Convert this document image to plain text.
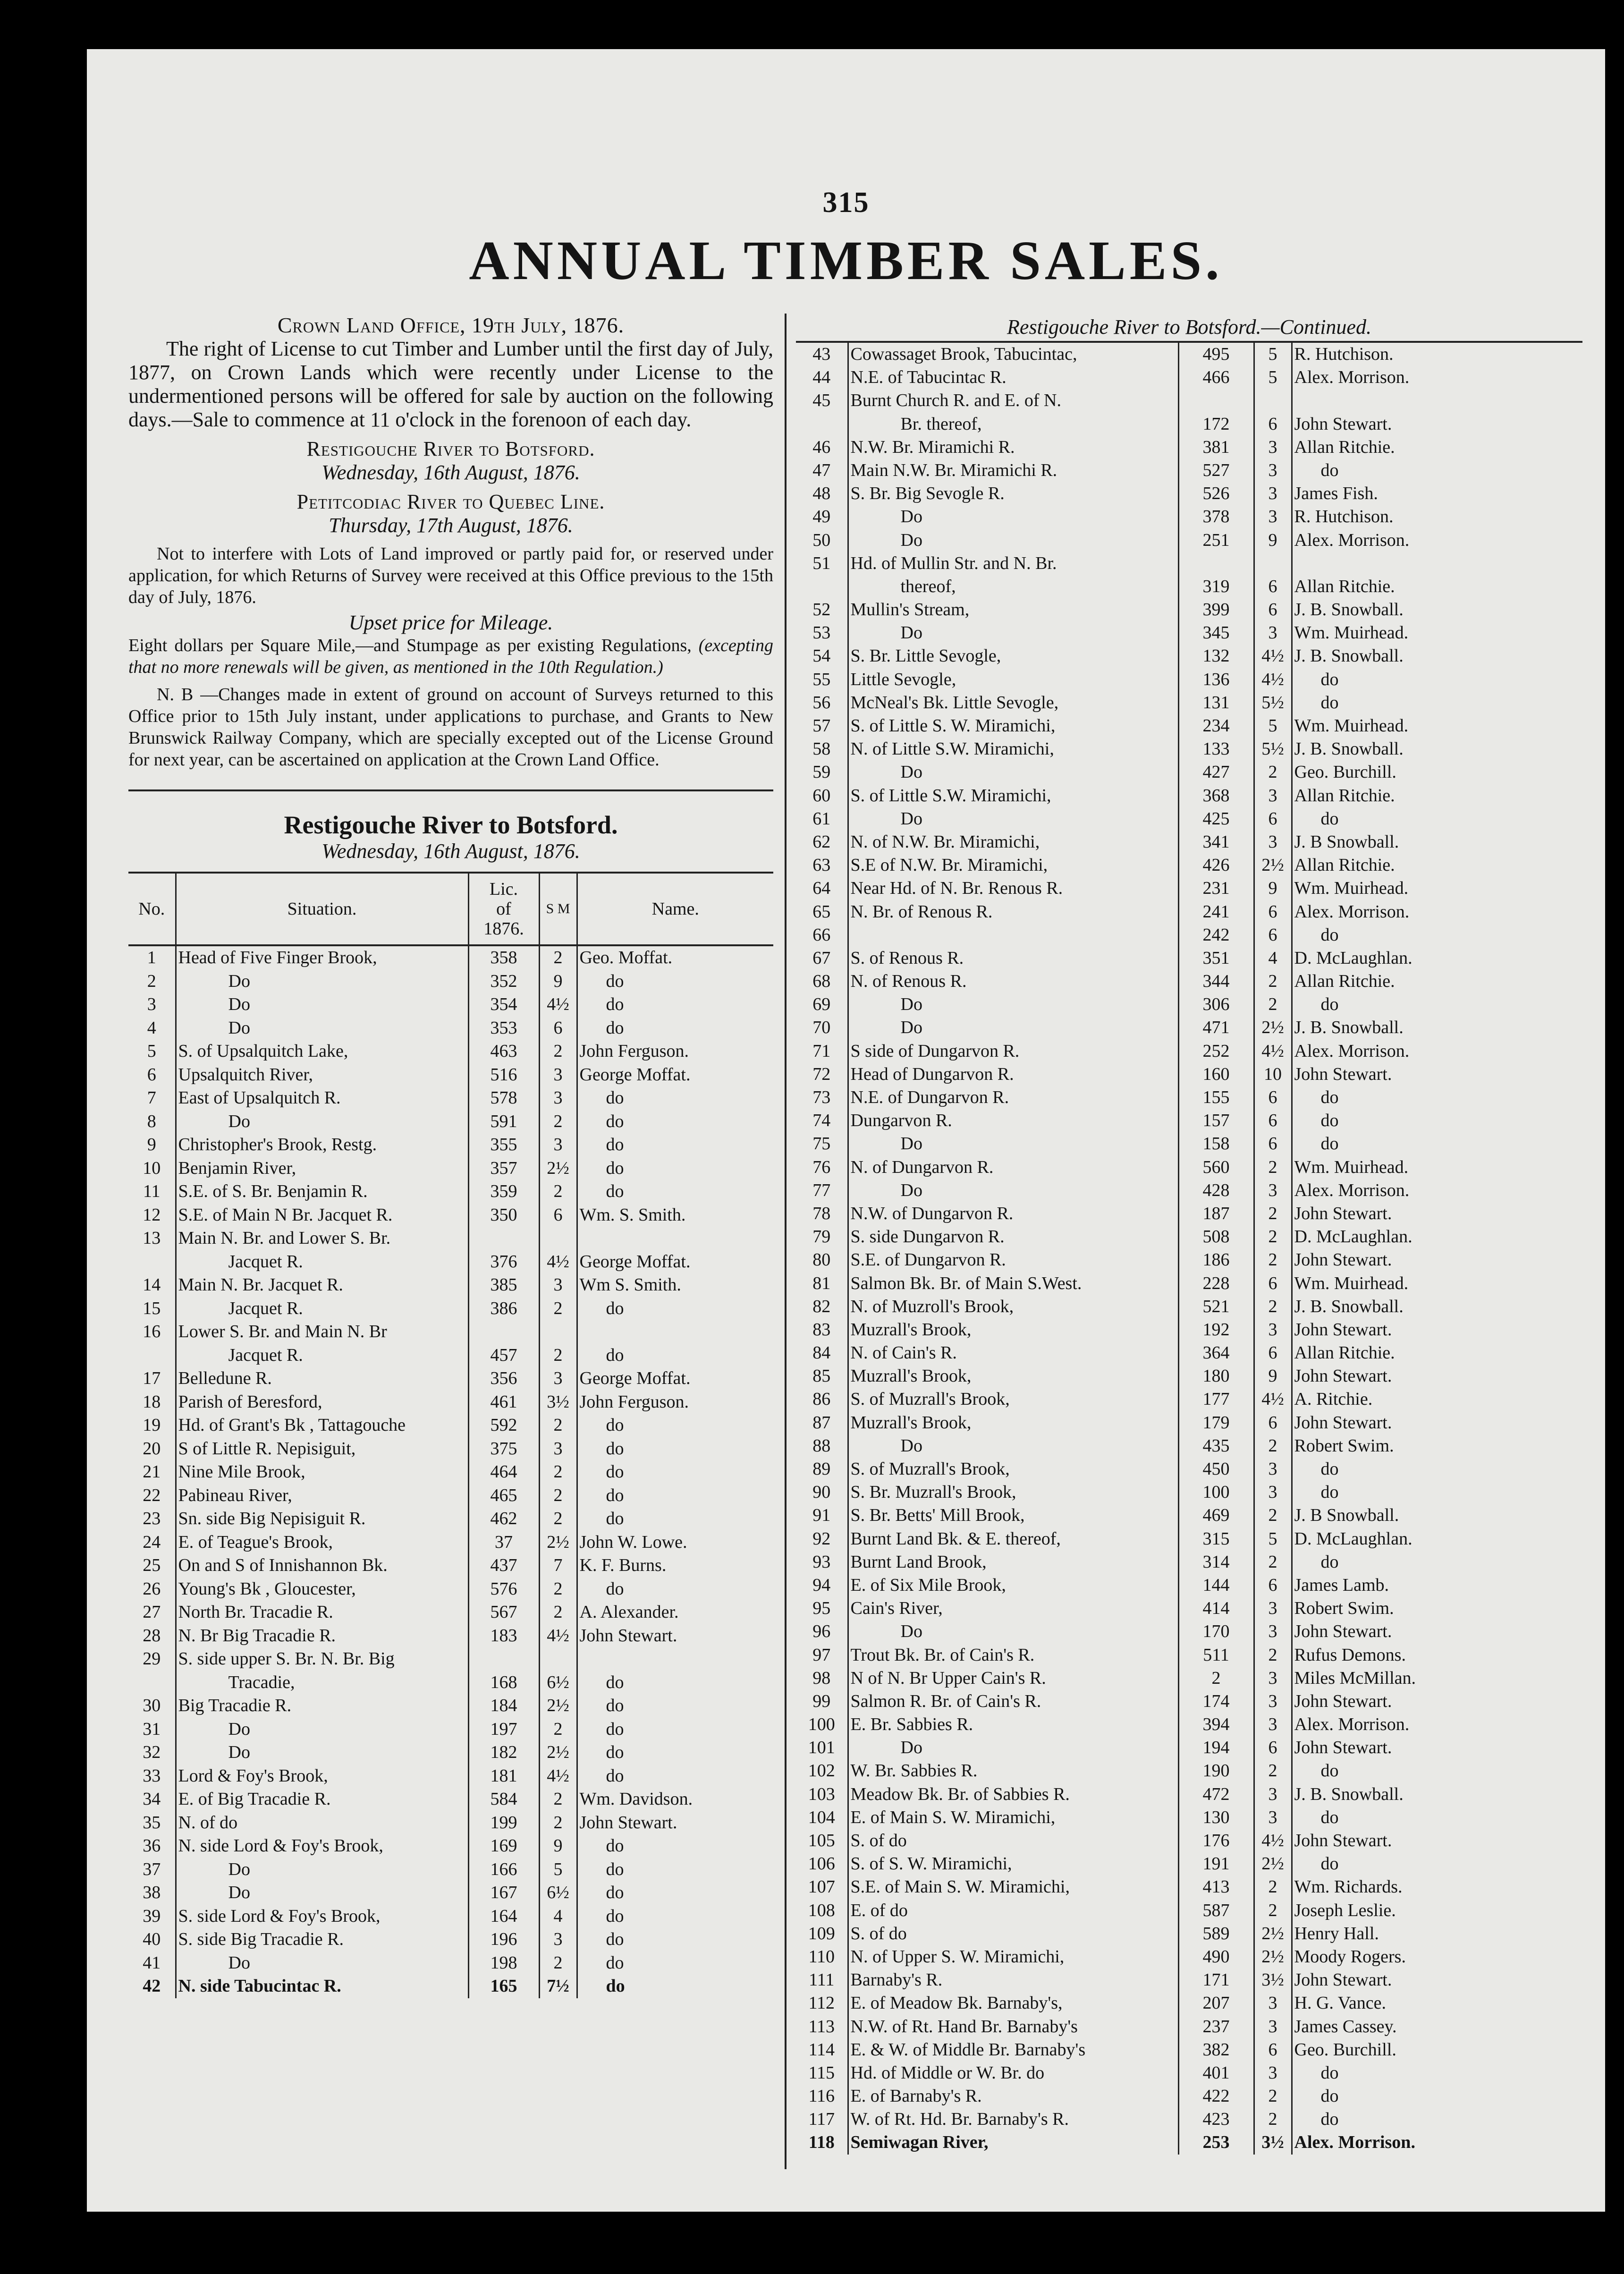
315
ANNUAL TIMBER SALES.

Crown Land Office, 19th July, 1876.

The right of License to cut Timber and Lumber until the first day of July, 1877, on Crown Lands which were recently under License to the undermentioned persons will be offered for sale by auction on the following days.—Sale to commence at 11 o'clock in the forenoon of each day.

Restigouche River to Botsford.

Wednesday, 16th August, 1876.

Petitcodiac River to Quebec Line.

Thursday, 17th August, 1876.

Not to interfere with Lots of Land improved or partly paid for, or reserved under application, for which Returns of Survey were received at this Office previous to the 15th day of July, 1876.

Upset price for Mileage.

Eight dollars per Square Mile,—and Stumpage as per existing Regulations, (excepting that no more renewals will be given, as mentioned in the 10th Regulation.)

N. B —Changes made in extent of ground on account of Surveys returned to this Office prior to 15th July instant, under applications to purchase, and Grants to New Brunswick Railway Company, which are specially excepted out of the License Ground for next year, can be ascertained on application at the Crown Land Office.

Restigouche River to Botsford.

Wednesday, 16th August, 1876.

No.	Situation.	Lic.
of
1876.	S M	Name.
1	Head of Five Finger Brook,	358	2	Geo. Moffat.
2	Do	352	9	do
3	Do	354	4½	do
4	Do	353	6	do
5	S. of Upsalquitch Lake,	463	2	John Ferguson.
6	Upsalquitch River,	516	3	George Moffat.
7	East of Upsalquitch R.	578	3	do
8	Do	591	2	do
9	Christopher's Brook, Restg.	355	3	do
10	Benjamin River,	357	2½	do
11	S.E. of S. Br. Benjamin R.	359	2	do
12	S.E. of Main N Br. Jacquet R.	350	6	Wm. S. Smith.
13	Main N. Br. and Lower S. Br.			
	Jacquet R.	376	4½	George Moffat.
14	Main N. Br. Jacquet R.	385	3	Wm S. Smith.
15	Jacquet R.	386	2	do
16	Lower S. Br. and Main N. Br			
	Jacquet R.	457	2	do
17	Belledune R.	356	3	George Moffat.
18	Parish of Beresford,	461	3½	John Ferguson.
19	Hd. of Grant's Bk , Tattagouche	592	2	do
20	S of Little R. Nepisiguit,	375	3	do
21	Nine Mile Brook,	464	2	do
22	Pabineau River,	465	2	do
23	Sn. side Big Nepisiguit R.	462	2	do
24	E. of Teague's Brook,	37	2½	John W. Lowe.
25	On and S of Innishannon Bk.	437	7	K. F. Burns.
26	Young's Bk , Gloucester,	576	2	do
27	North Br. Tracadie R.	567	2	A. Alexander.
28	N. Br Big Tracadie R.	183	4½	John Stewart.
29	S. side upper S. Br. N. Br. Big			
	Tracadie,	168	6½	do
30	Big Tracadie R.	184	2½	do
31	Do	197	2	do
32	Do	182	2½	do
33	Lord & Foy's Brook,	181	4½	do
34	E. of Big Tracadie R.	584	2	Wm. Davidson.
35	N. of do	199	2	John Stewart.
36	N. side Lord & Foy's Brook,	169	9	do
37	Do	166	5	do
38	Do	167	6½	do
39	S. side Lord & Foy's Brook,	164	4	do
40	S. side Big Tracadie R.	196	3	do
41	Do	198	2	do
42	N. side Tabucintac R.	165	7½	do
Restigouche River to Botsford.—Continued.
43	Cowassaget Brook, Tabucintac,	495	5	R. Hutchison.
44	N.E. of Tabucintac R.	466	5	Alex. Morrison.
45	Burnt Church R. and E. of N.			
	Br. thereof,	172	6	John Stewart.
46	N.W. Br. Miramichi R.	381	3	Allan Ritchie.
47	Main N.W. Br. Miramichi R.	527	3	do
48	S. Br. Big Sevogle R.	526	3	James Fish.
49	Do	378	3	R. Hutchison.
50	Do	251	9	Alex. Morrison.
51	Hd. of Mullin Str. and N. Br.			
	thereof,	319	6	Allan Ritchie.
52	Mullin's Stream,	399	6	J. B. Snowball.
53	Do	345	3	Wm. Muirhead.
54	S. Br. Little Sevogle,	132	4½	J. B. Snowball.
55	Little Sevogle,	136	4½	do
56	McNeal's Bk. Little Sevogle,	131	5½	do
57	S. of Little S. W. Miramichi,	234	5	Wm. Muirhead.
58	N. of Little S.W. Miramichi,	133	5½	J. B. Snowball.
59	Do	427	2	Geo. Burchill.
60	S. of Little S.W. Miramichi,	368	3	Allan Ritchie.
61	Do	425	6	do
62	N. of N.W. Br. Miramichi,	341	3	J. B Snowball.
63	S.E of N.W. Br. Miramichi,	426	2½	Allan Ritchie.
64	Near Hd. of N. Br. Renous R.	231	9	Wm. Muirhead.
65	N. Br. of Renous R.	241	6	Alex. Morrison.
66		242	6	do
67	S. of Renous R.	351	4	D. McLaughlan.
68	N. of Renous R.	344	2	Allan Ritchie.
69	Do	306	2	do
70	Do	471	2½	J. B. Snowball.
71	S side of Dungarvon R.	252	4½	Alex. Morrison.
72	Head of Dungarvon R.	160	10	John Stewart.
73	N.E. of Dungarvon R.	155	6	do
74	Dungarvon R.	157	6	do
75	Do	158	6	do
76	N. of Dungarvon R.	560	2	Wm. Muirhead.
77	Do	428	3	Alex. Morrison.
78	N.W. of Dungarvon R.	187	2	John Stewart.
79	S. side Dungarvon R.	508	2	D. McLaughlan.
80	S.E. of Dungarvon R.	186	2	John Stewart.
81	Salmon Bk. Br. of Main S.West.	228	6	Wm. Muirhead.
82	N. of Muzroll's Brook,	521	2	J. B. Snowball.
83	Muzrall's Brook,	192	3	John Stewart.
84	N. of Cain's R.	364	6	Allan Ritchie.
85	Muzrall's Brook,	180	9	John Stewart.
86	S. of Muzrall's Brook,	177	4½	A. Ritchie.
87	Muzrall's Brook,	179	6	John Stewart.
88	Do	435	2	Robert Swim.
89	S. of Muzrall's Brook,	450	3	do
90	S. Br. Muzrall's Brook,	100	3	do
91	S. Br. Betts' Mill Brook,	469	2	J. B Snowball.
92	Burnt Land Bk. & E. thereof,	315	5	D. McLaughlan.
93	Burnt Land Brook,	314	2	do
94	E. of Six Mile Brook,	144	6	James Lamb.
95	Cain's River,	414	3	Robert Swim.
96	Do	170	3	John Stewart.
97	Trout Bk. Br. of Cain's R.	511	2	Rufus Demons.
98	N of N. Br Upper Cain's R.	2	3	Miles McMillan.
99	Salmon R. Br. of Cain's R.	174	3	John Stewart.
100	E. Br. Sabbies R.	394	3	Alex. Morrison.
101	Do	194	6	John Stewart.
102	W. Br. Sabbies R.	190	2	do
103	Meadow Bk. Br. of Sabbies R.	472	3	J. B. Snowball.
104	E. of Main S. W. Miramichi,	130	3	do
105	S. of do	176	4½	John Stewart.
106	S. of S. W. Miramichi,	191	2½	do
107	S.E. of Main S. W. Miramichi,	413	2	Wm. Richards.
108	E. of do	587	2	Joseph Leslie.
109	S. of do	589	2½	Henry Hall.
110	N. of Upper S. W. Miramichi,	490	2½	Moody Rogers.
111	Barnaby's R.	171	3½	John Stewart.
112	E. of Meadow Bk. Barnaby's,	207	3	H. G. Vance.
113	N.W. of Rt. Hand Br. Barnaby's	237	3	James Cassey.
114	E. & W. of Middle Br. Barnaby's	382	6	Geo. Burchill.
115	Hd. of Middle or W. Br. do	401	3	do
116	E. of Barnaby's R.	422	2	do
117	W. of Rt. Hd. Br. Barnaby's R.	423	2	do
118	Semiwagan River,	253	3½	Alex. Morrison.
